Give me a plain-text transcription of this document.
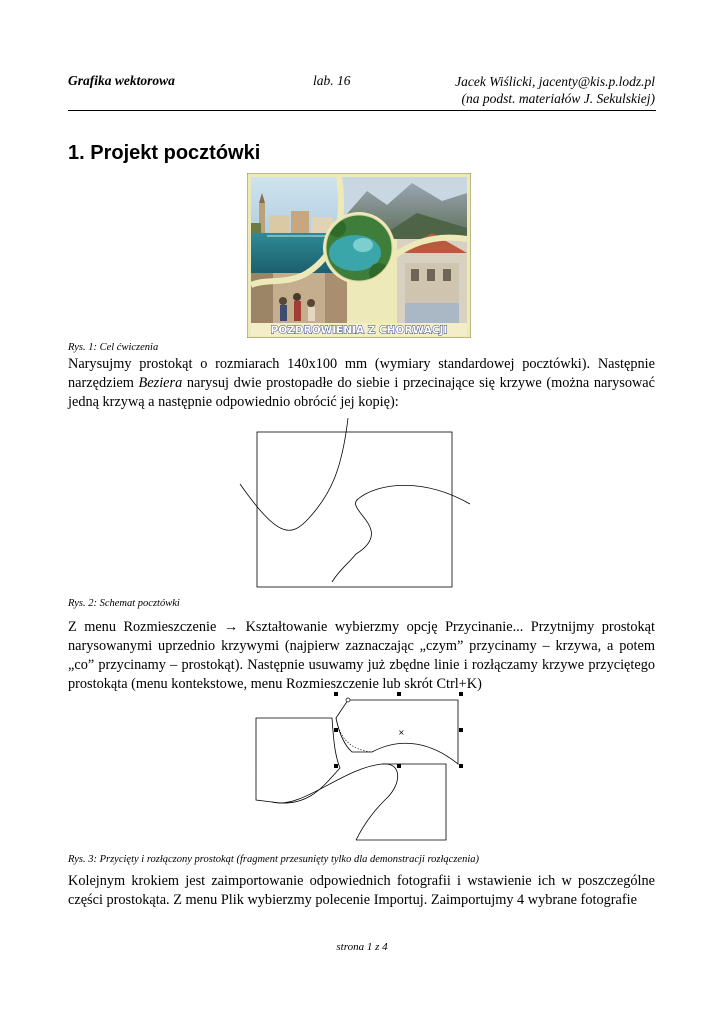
Grafika wektorowa	lab. 16	Jacek Wiślicki, jacenty@kis.p.lodz.pl
(na podst. materiałów J. Sekulskiej)
1. Projekt pocztówki
POZDROWIENIA Z CHORWACJI
Rys. 1: Cel ćwiczenia

Narysujmy prostokąt o rozmiarach 140x100 mm (wymiary standardowej pocztówki). Następnie narzędziem Beziera narysuj dwie prostopadłe do siebie i przecinające się krzywe (można narysować jedną krzywą a następnie odpowiednio obrócić jej kopię):

Rys. 2: Schemat pocztówki

Z menu Rozmieszczenie → Kształtowanie wybierzmy opcję Przycinanie... Przytnijmy prostokąt narysowanymi uprzednio krzywymi (najpierw zaznaczając „czym” przycinamy – krzywa, a potem „co” przycinamy – prostokąt). Następnie usuwamy już zbędne linie i rozłączamy krzywe przyciętego prostokąta (menu kontekstowe, menu Rozmieszczenie lub skrót Ctrl+K)

×
Rys. 3: Przycięty i rozłączony prostokąt (fragment przesunięty tylko dla demonstracji rozłączenia)

Kolejnym krokiem jest zaimportowanie odpowiednich fotografii i wstawienie ich w poszczególne części prostokąta. Z menu Plik wybierzmy polecenie Importuj. Zaimportujmy 4 wybrane fotografie

strona 1 z 4
